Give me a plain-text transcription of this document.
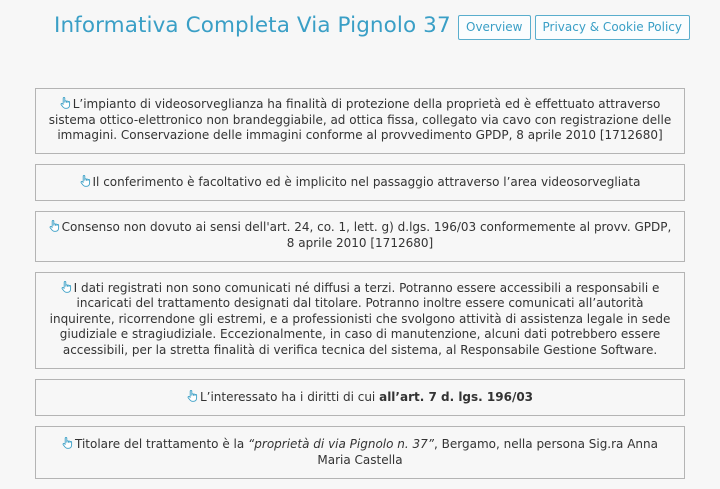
Informativa Completa Via Pignolo 37	Overview	Privacy & Cookie Policy
L’impianto di videosorveglianza ha finalità di protezione della proprietà ed è effettuato attraverso sistema ottico-elettronico non brandeggiabile, ad ottica fissa, collegato via cavo con registrazione delle immagini. Conservazione delle immagini conforme al provvedimento GPDP, 8 aprile 2010 [1712680]
Il conferimento è facoltativo ed è implicito nel passaggio attraverso l’area videosorvegliata
Consenso non dovuto ai sensi dell'art. 24, co. 1, lett. g) d.lgs. 196/03 conformemente al provv. GPDP, 8 aprile 2010 [1712680]
I dati registrati non sono comunicati né diffusi a terzi. Potranno essere accessibili a responsabili e incaricati del trattamento designati dal titolare. Potranno inoltre essere comunicati all’autorità inquirente, ricorrendone gli estremi, e a professionisti che svolgono attività di assistenza legale in sede giudiziale e stragiudiziale. Eccezionalmente, in caso di manutenzione, alcuni dati potrebbero essere accessibili, per la stretta finalità di verifica tecnica del sistema, al Responsabile Gestione Software.
L’interessato ha i diritti di cui all’art. 7 d. lgs. 196/03
Titolare del trattamento è la “proprietà di via Pignolo n. 37”, Bergamo, nella persona Sig.ra Anna Maria Castella
